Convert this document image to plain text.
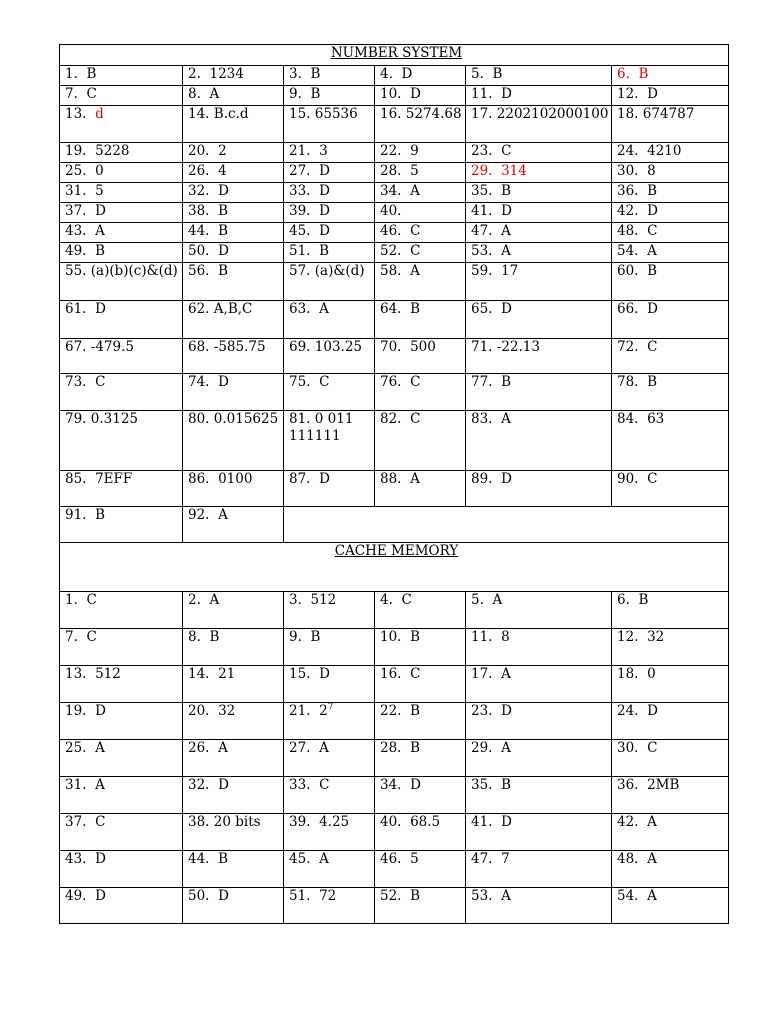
NUMBER SYSTEM					
1. B	2. 1234	3. B	4. D	5. B	6. B
7. C	8. A	9. B	10. D	11. D	12. D
13. d	14. B.c.d	15. 65536	16. 5274.68	17. 2202102000100	18. 674787
19. 5228	20. 2	21. 3	22. 9	23. C	24. 4210
25. 0	26. 4	27. D	28. 5	29. 314	30. 8
31. 5	32. D	33. D	34. A	35. B	36. B
37. D	38. B	39. D	40.	41. D	42. D
43. A	44. B	45. D	46. C	47. A	48. C
49. B	50. D	51. B	52. C	53. A	54. A
55. (a)(b)(c)&(d)	56. B	57. (a)&(d)	58. A	59. 17	60. B
61. D	62. A,B,C	63. A	64. B	65. D	66. D
67. -479.5	68. -585.75	69. 103.25	70. 500	71. -22.13	72. C
73. C	74. D	75. C	76. C	77. B	78. B
79. 0.3125	80. 0.015625	81. 0 011 111111	82. C	83. A	84. 63
85. 7EFF	86. 0100	87. D	88. A	89. D	90. C
91. B	92. A				
CACHE MEMORY					
1. C	2. A	3. 512	4. C	5. A	6. B
7. C	8. B	9. B	10. B	11. 8	12. 32
13. 512	14. 21	15. D	16. C	17. A	18. 0
19. D	20. 32	21. $2^7$	22. B	23. D	24. D
25. A	26. A	27. A	28. B	29. A	30. C
31. A	32. D	33. C	34. D	35. B	36. 2MB
37. C	38. 20 bits	39. 4.25	40. 68.5	41. D	42. A
43. D	44. B	45. A	46. 5	47. 7	48. A
49. D	50. D	51. 72	52. B	53. A	54. A
